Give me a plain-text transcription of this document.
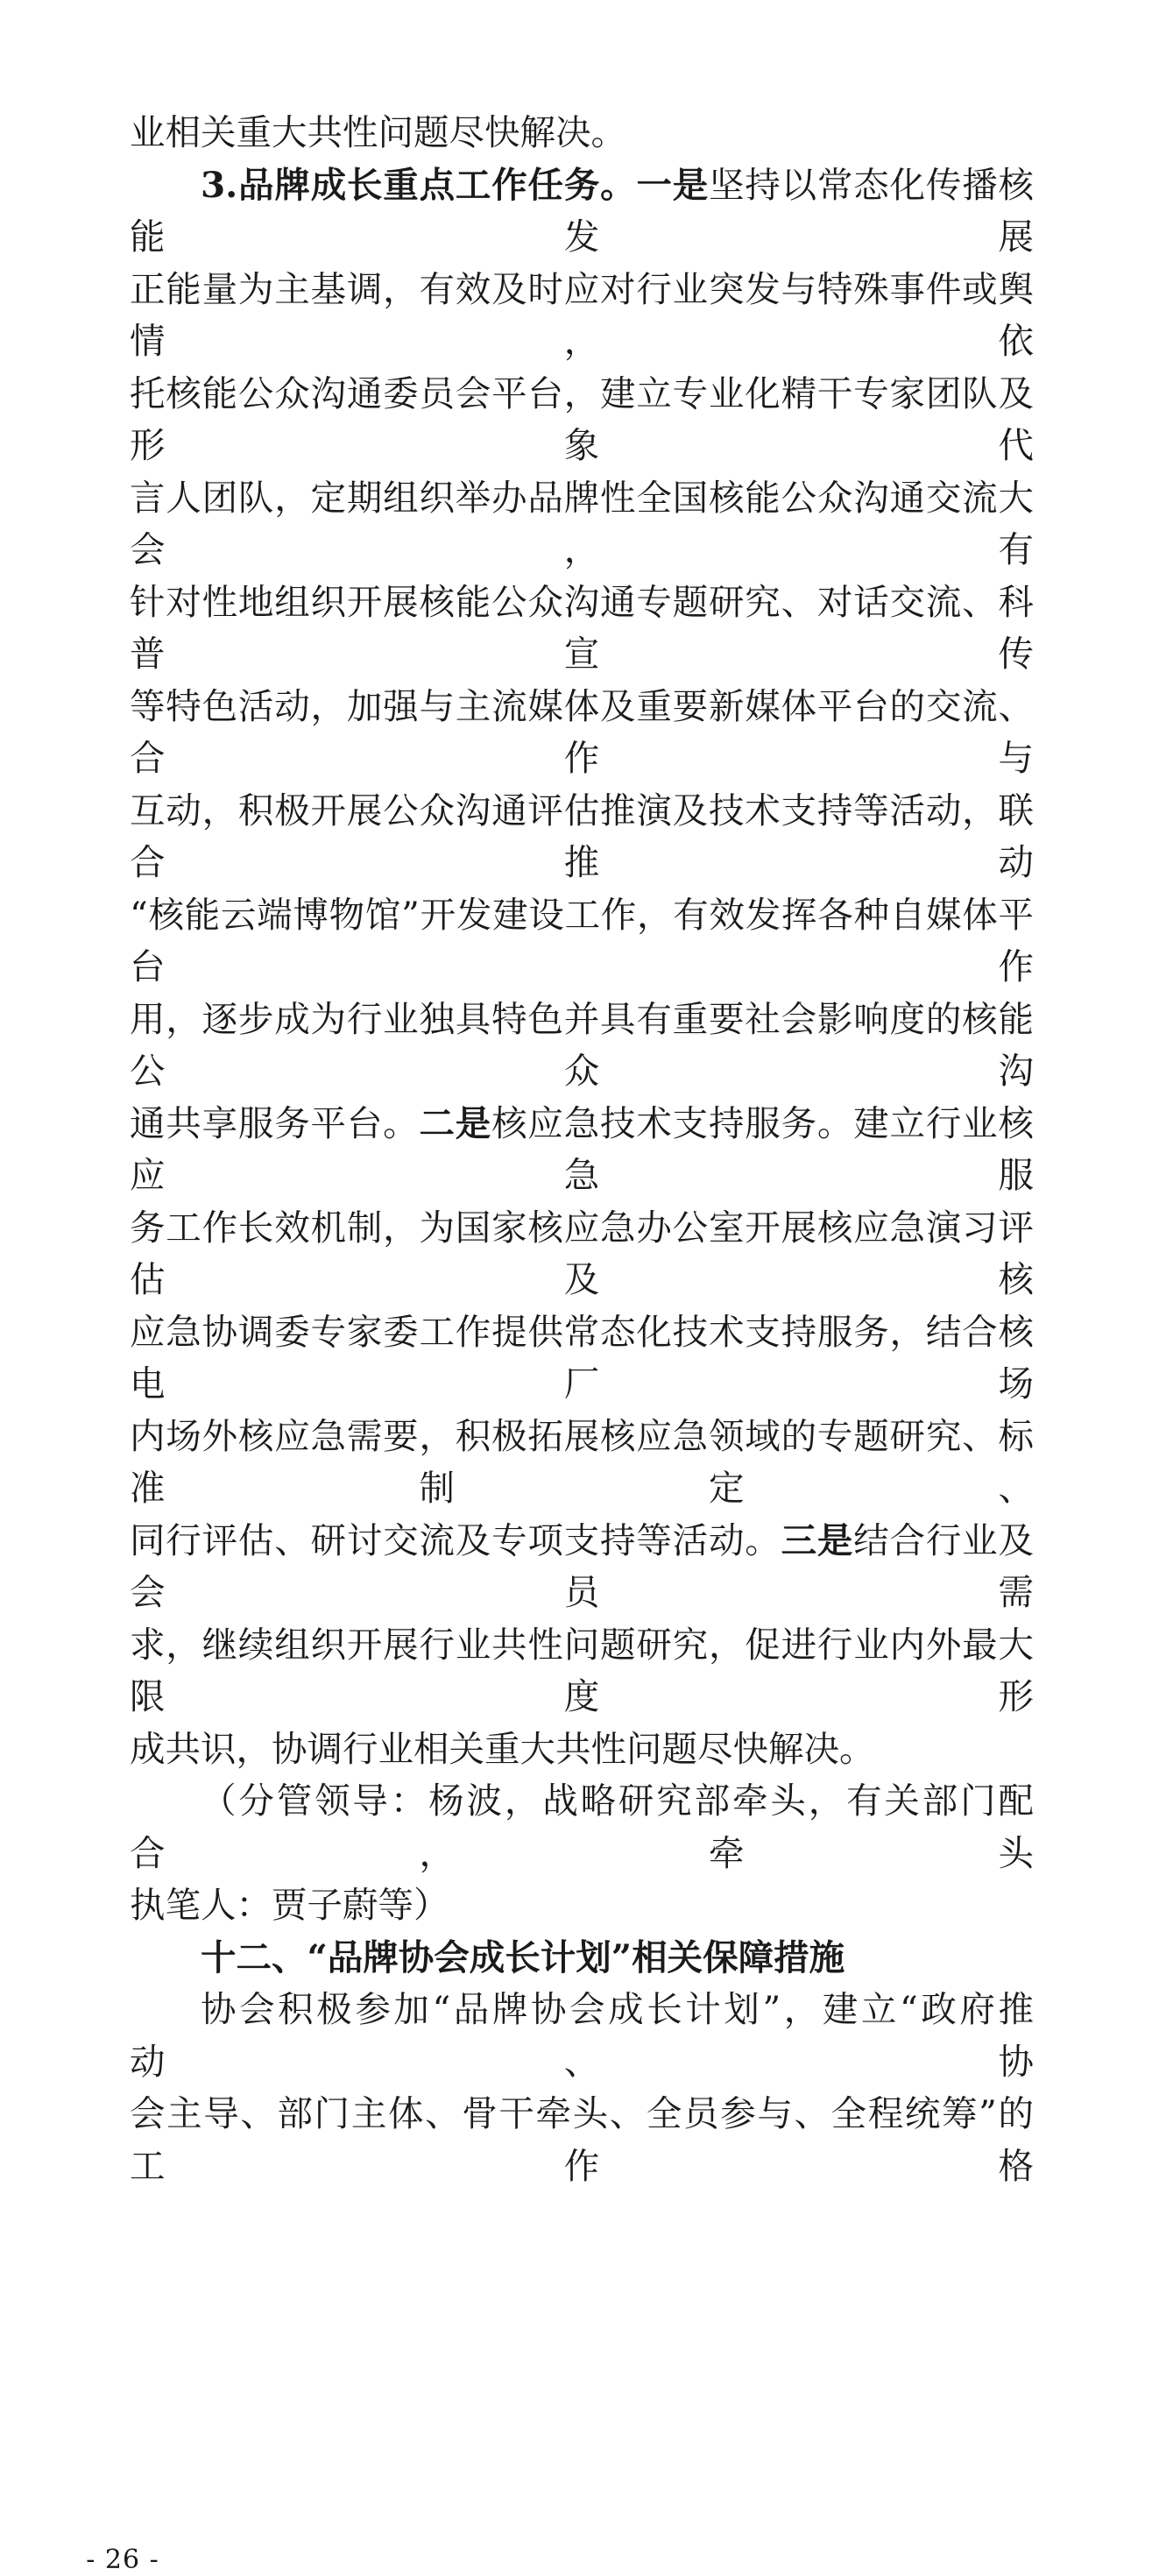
业相关重大共性问题尽快解决。
3.品牌成长重点工作任务。一是坚持以常态化传播核能发展
正能量为主基调，有效及时应对行业突发与特殊事件或舆情，依
托核能公众沟通委员会平台，建立专业化精干专家团队及形象代
言人团队，定期组织举办品牌性全国核能公众沟通交流大会，有
针对性地组织开展核能公众沟通专题研究、对话交流、科普宣传
等特色活动，加强与主流媒体及重要新媒体平台的交流、合作与
互动，积极开展公众沟通评估推演及技术支持等活动，联合推动
“核能云端博物馆”开发建设工作，有效发挥各种自媒体平台作
用，逐步成为行业独具特色并具有重要社会影响度的核能公众沟
通共享服务平台。二是核应急技术支持服务。建立行业核应急服
务工作长效机制，为国家核应急办公室开展核应急演习评估及核
应急协调委专家委工作提供常态化技术支持服务，结合核电厂场
内场外核应急需要，积极拓展核应急领域的专题研究、标准制定、
同行评估、研讨交流及专项支持等活动。三是结合行业及会员需
求，继续组织开展行业共性问题研究，促进行业内外最大限度形
成共识，协调行业相关重大共性问题尽快解决。
（分管领导：杨波，战略研究部牵头，有关部门配合，牵头
执笔人：贾子蔚等）
十二、“品牌协会成长计划”相关保障措施
协会积极参加“品牌协会成长计划”，建立“政府推动、协
会主导、部门主体、骨干牵头、全员参与、全程统筹”的工作格
- 26 -
